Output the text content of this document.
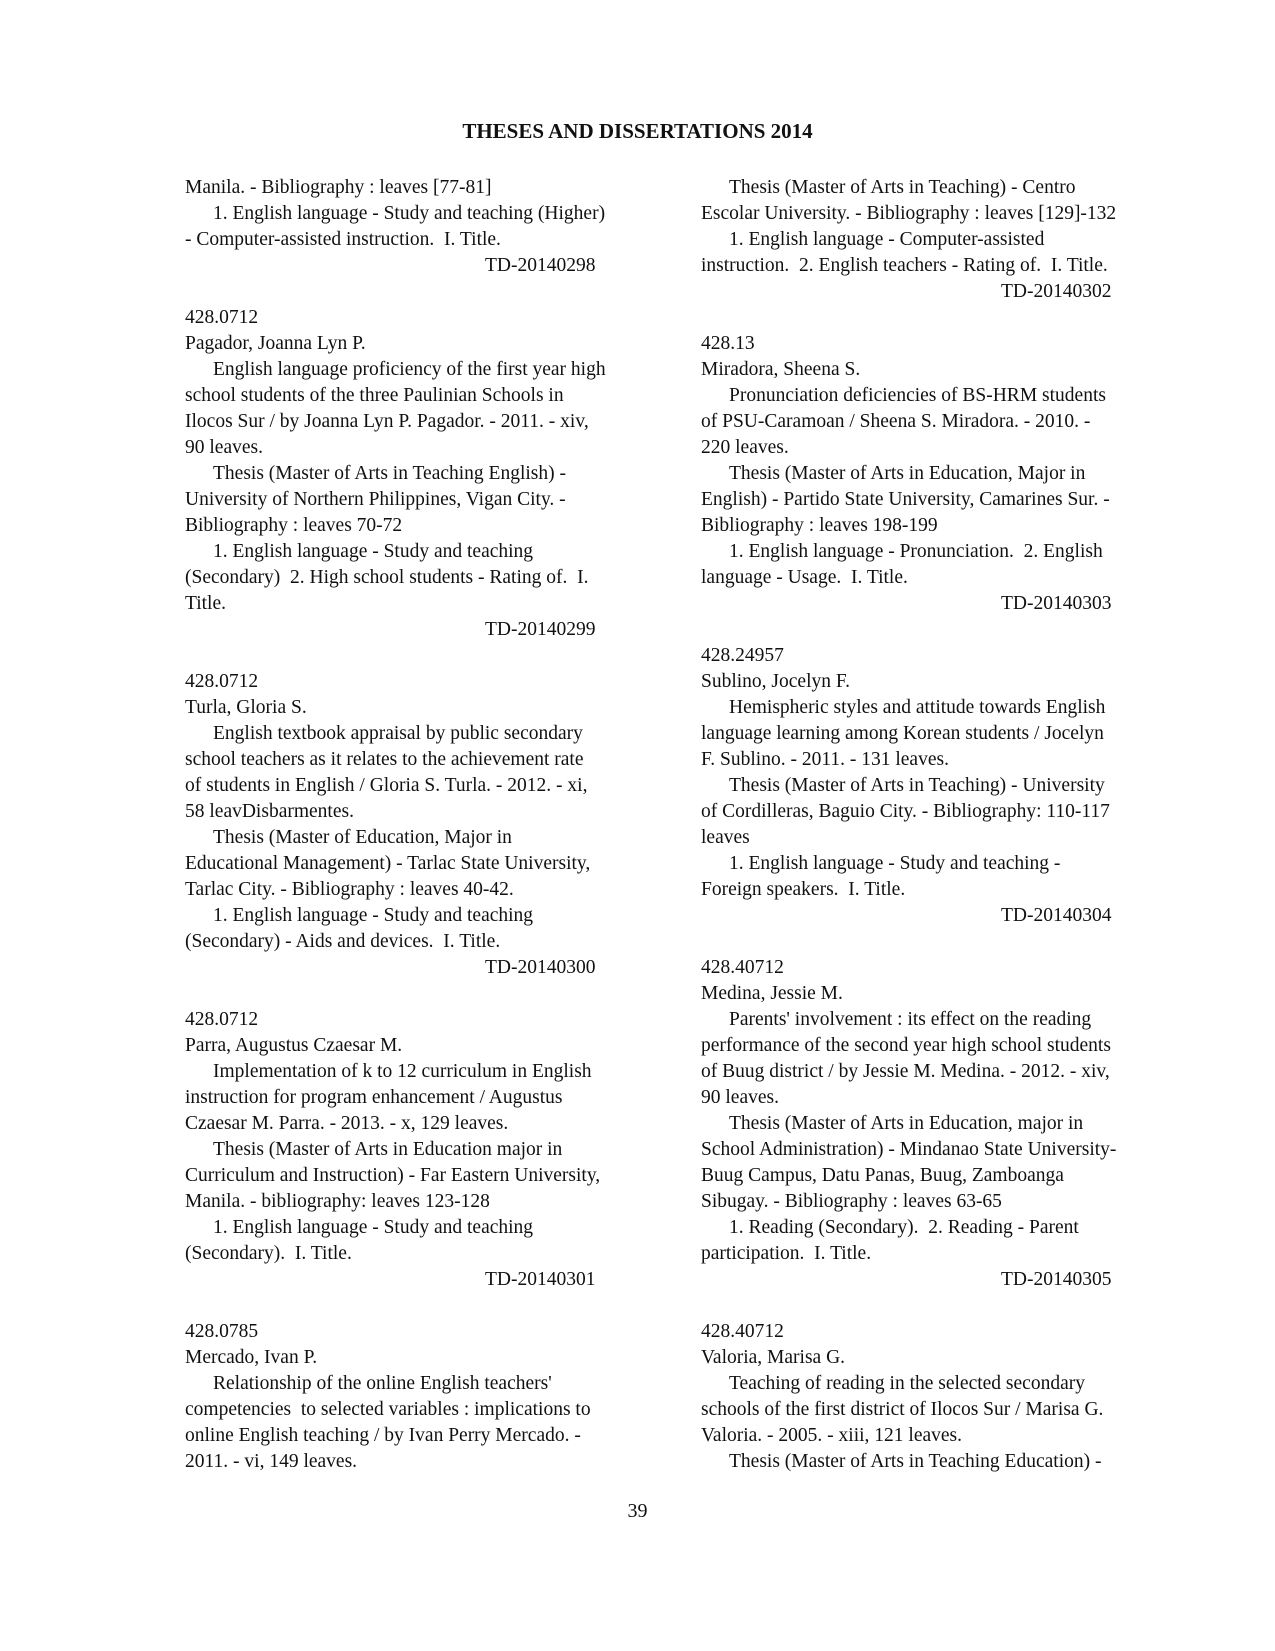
THESES AND DISSERTATIONS 2014
Manila. - Bibliography : leaves [77-81]
1. English language - Study and teaching (Higher)
- Computer-assisted instruction.  I. Title.
TD-20140298
428.0712
Pagador, Joanna Lyn P.
English language proficiency of the first year high
school students of the three Paulinian Schools in
Ilocos Sur / by Joanna Lyn P. Pagador. - 2011. - xiv,
90 leaves.
Thesis (Master of Arts in Teaching English) -
University of Northern Philippines, Vigan City. -
Bibliography : leaves 70-72
1. English language - Study and teaching
(Secondary)  2. High school students - Rating of.  I.
Title.
TD-20140299
428.0712
Turla, Gloria S.
English textbook appraisal by public secondary
school teachers as it relates to the achievement rate
of students in English / Gloria S. Turla. - 2012. - xi,
58 leavDisbarmentes.
Thesis (Master of Education, Major in
Educational Management) - Tarlac State University,
Tarlac City. - Bibliography : leaves 40-42.
1. English language - Study and teaching
(Secondary) - Aids and devices.  I. Title.
TD-20140300
428.0712
Parra, Augustus Czaesar M.
Implementation of k to 12 curriculum in English
instruction for program enhancement / Augustus
Czaesar M. Parra. - 2013. - x, 129 leaves.
Thesis (Master of Arts in Education major in
Curriculum and Instruction) - Far Eastern University,
Manila. - bibliography: leaves 123-128
1. English language - Study and teaching
(Secondary).  I. Title.
TD-20140301
428.0785
Mercado, Ivan P.
Relationship of the online English teachers'
competencies  to selected variables : implications to
online English teaching / by Ivan Perry Mercado. -
2011. - vi, 149 leaves.
Thesis (Master of Arts in Teaching) - Centro
Escolar University. - Bibliography : leaves [129]-132
1. English language - Computer-assisted
instruction.  2. English teachers - Rating of.  I. Title.
TD-20140302
428.13
Miradora, Sheena S.
Pronunciation deficiencies of BS-HRM students
of PSU-Caramoan / Sheena S. Miradora. - 2010. -
220 leaves.
Thesis (Master of Arts in Education, Major in
English) - Partido State University, Camarines Sur. -
Bibliography : leaves 198-199
1. English language - Pronunciation.  2. English
language - Usage.  I. Title.
TD-20140303
428.24957
Sublino, Jocelyn F.
Hemispheric styles and attitude towards English
language learning among Korean students / Jocelyn
F. Sublino. - 2011. - 131 leaves.
Thesis (Master of Arts in Teaching) - University
of Cordilleras, Baguio City. - Bibliography: 110-117
leaves
1. English language - Study and teaching -
Foreign speakers.  I. Title.
TD-20140304
428.40712
Medina, Jessie M.
Parents' involvement : its effect on the reading
performance of the second year high school students
of Buug district / by Jessie M. Medina. - 2012. - xiv,
90 leaves.
Thesis (Master of Arts in Education, major in
School Administration) - Mindanao State University-
Buug Campus, Datu Panas, Buug, Zamboanga
Sibugay. - Bibliography : leaves 63-65
1. Reading (Secondary).  2. Reading - Parent
participation.  I. Title.
TD-20140305
428.40712
Valoria, Marisa G.
Teaching of reading in the selected secondary
schools of the first district of Ilocos Sur / Marisa G.
Valoria. - 2005. - xiii, 121 leaves.
Thesis (Master of Arts in Teaching Education) -
39
